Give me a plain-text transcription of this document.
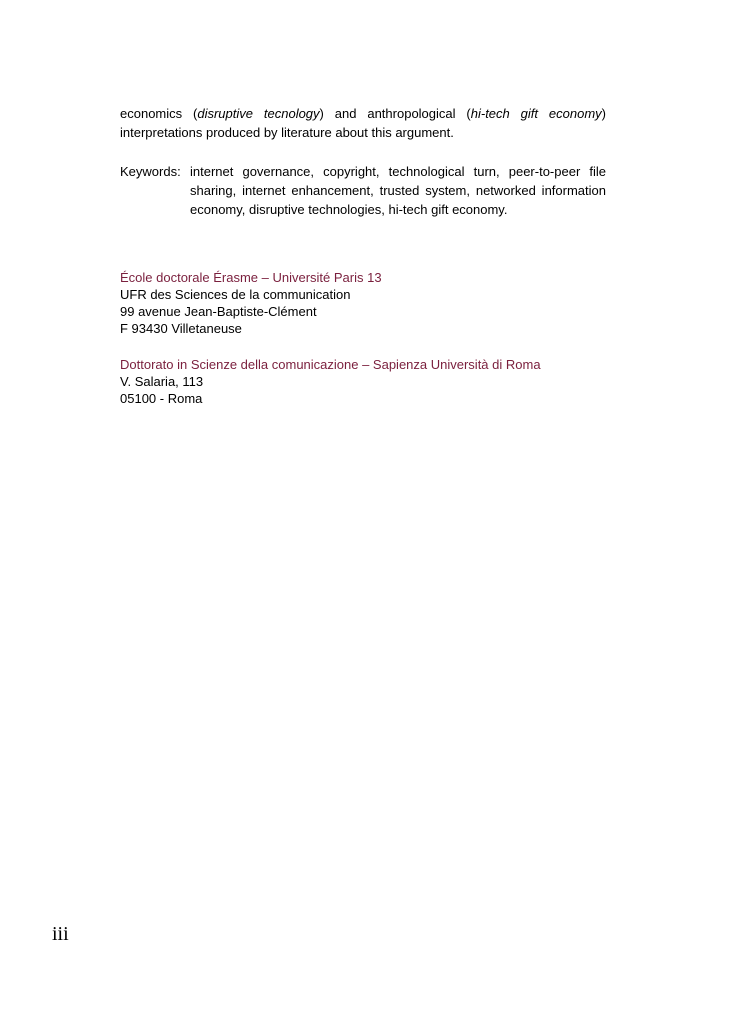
economics (disruptive tecnology) and anthropological (hi-tech gift economy)

interpretations produced by literature about this argument.

Keywords: internet governance, copyright, technological turn, peer-to-peer file sharing, internet enhancement, trusted system, networked information economy, disruptive technologies, hi-tech gift economy.
École doctorale Érasme – Université Paris 13
UFR des Sciences de la communication
99 avenue Jean-Baptiste-Clément
F 93430 Villetaneuse
Dottorato in Scienze della comunicazione – Sapienza Università di Roma
V. Salaria, 113
05100 - Roma
iii
